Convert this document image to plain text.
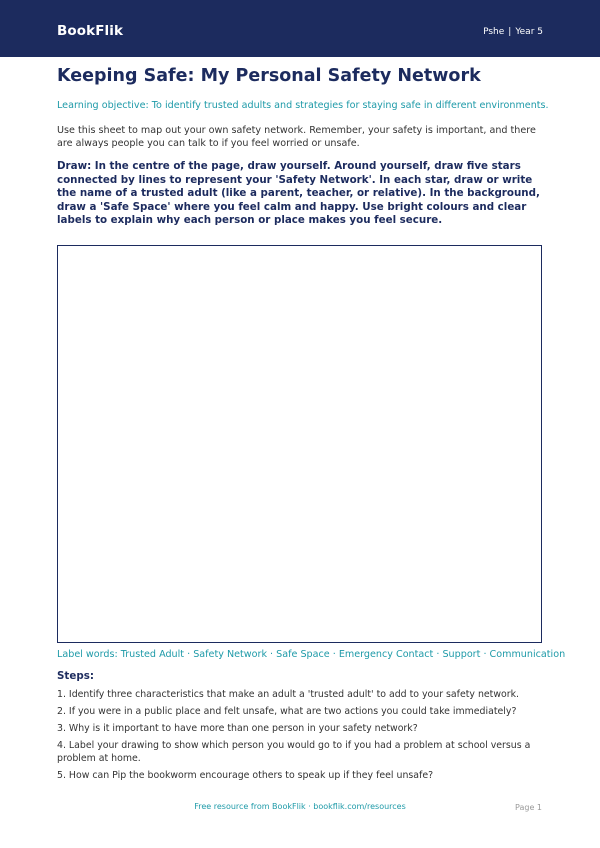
BookFlik	Pshe | Year 5
Keeping Safe: My Personal Safety Network
Learning objective: To identify trusted adults and strategies for staying safe in different environments.
Use this sheet to map out your own safety network. Remember, your safety is important, and there are always people you can talk to if you feel worried or unsafe.
Draw: In the centre of the page, draw yourself. Around yourself, draw five stars connected by lines to represent your 'Safety Network'. In each star, draw or write the name of a trusted adult (like a parent, teacher, or relative). In the background, draw a 'Safe Space' where you feel calm and happy. Use bright colours and clear labels to explain why each person or place makes you feel secure.
Label words: Trusted Adult · Safety Network · Safe Space · Emergency Contact · Support · Communication
Steps:
1. Identify three characteristics that make an adult a 'trusted adult' to add to your safety network.
2. If you were in a public place and felt unsafe, what are two actions you could take immediately?
3. Why is it important to have more than one person in your safety network?
4. Label your drawing to show which person you would go to if you had a problem at school versus a problem at home.
5. How can Pip the bookworm encourage others to speak up if they feel unsafe?
Free resource from BookFlik · bookflik.com/resources	Page 1
